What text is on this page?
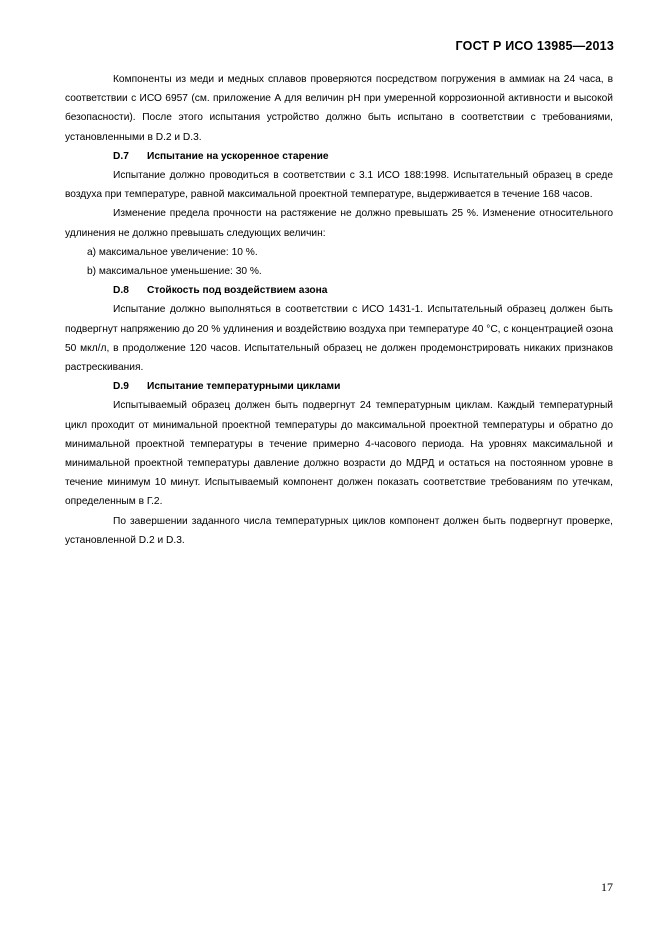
ГОСТ Р ИСО 13985—2013

Компоненты из меди и медных сплавов проверяются посредством погружения в аммиак на 24 часа, в соответствии с ИСО 6957 (см. приложение А для величин pH при умеренной коррозионной активности и высокой безопасности). После этого испытания устройство должно быть испытано в соответствии с требованиями, установленными в D.2 и D.3.

D.7 Испытание на ускоренное старение

Испытание должно проводиться в соответствии с 3.1 ИСО 188:1998. Испытательный образец в среде воздуха при температуре, равной максимальной проектной температуре, выдерживается в течение 168 часов.

Изменение предела прочности на растяжение не должно превышать 25 %. Изменение относительного удлинения не должно превышать следующих величин:

a) максимальное увеличение: 10 %.

b) максимальное уменьшение: 30 %.

D.8 Стойкость под воздействием азона

Испытание должно выполняться в соответствии с ИСО 1431-1. Испытательный образец должен быть подвергнут напряжению до 20 % удлинения и воздействию воздуха при температуре 40 °С, с концентрацией озона 50 мкл/л, в продолжение 120 часов. Испытательный образец не должен продемонстрировать никаких признаков растрескивания.

D.9 Испытание температурными циклами

Испытываемый образец должен быть подвергнут 24 температурным циклам. Каждый температурный цикл проходит от минимальной проектной температуры до максимальной проектной температуры и обратно до минимальной проектной температуры в течение примерно 4-часового периода. На уровнях максимальной и минимальной проектной температуры давление должно возрасти до МДРД и остаться на постоянном уровне в течение минимум 10 минут. Испытываемый компонент должен показать соответствие требованиям по утечкам, определенным в Г.2.

По завершении заданного числа температурных циклов компонент должен быть подвергнут проверке, установленной D.2 и D.3.

17
